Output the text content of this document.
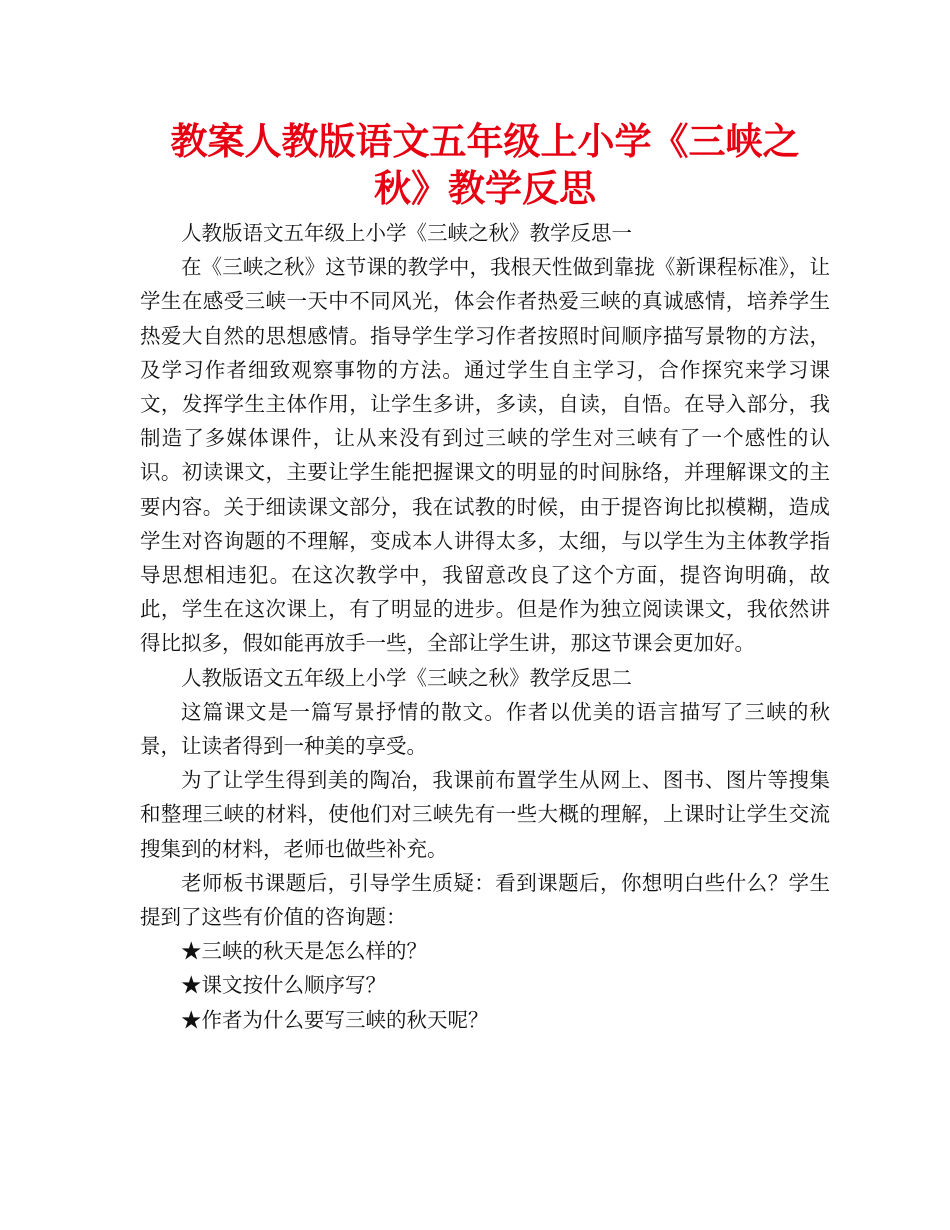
教案人教版语文五年级上小学《三峡之
秋》教学反思

人教版语文五年级上小学《三峡之秋》教学反思一

在《三峡之秋》这节课的教学中，我根天性做到靠拢《新课程标准》，让学生在感受三峡一天中不同风光，体会作者热爱三峡的真诚感情，培养学生热爱大自然的思想感情。指导学生学习作者按照时间顺序描写景物的方法，及学习作者细致观察事物的方法。通过学生自主学习，合作探究来学习课文，发挥学生主体作用，让学生多讲，多读，自读，自悟。在导入部分，我制造了多媒体课件，让从来没有到过三峡的学生对三峡有了一个感性的认识。初读课文，主要让学生能把握课文的明显的时间脉络，并理解课文的主要内容。关于细读课文部分，我在试教的时候，由于提咨询比拟模糊，造成学生对咨询题的不理解，变成本人讲得太多，太细，与以学生为主体教学指导思想相违犯。在这次教学中，我留意改良了这个方面，提咨询明确，故此，学生在这次课上，有了明显的进步。但是作为独立阅读课文，我依然讲得比拟多，假如能再放手一些，全部让学生讲，那这节课会更加好。

人教版语文五年级上小学《三峡之秋》教学反思二

这篇课文是一篇写景抒情的散文。作者以优美的语言描写了三峡的秋景，让读者得到一种美的享受。

为了让学生得到美的陶冶，我课前布置学生从网上、图书、图片等搜集和整理三峡的材料，使他们对三峡先有一些大概的理解，上课时让学生交流搜集到的材料，老师也做些补充。

老师板书课题后，引导学生质疑：看到课题后，你想明白些什么？学生提到了这些有价值的咨询题：

★三峡的秋天是怎么样的？

★课文按什么顺序写？

★作者为什么要写三峡的秋天呢？
